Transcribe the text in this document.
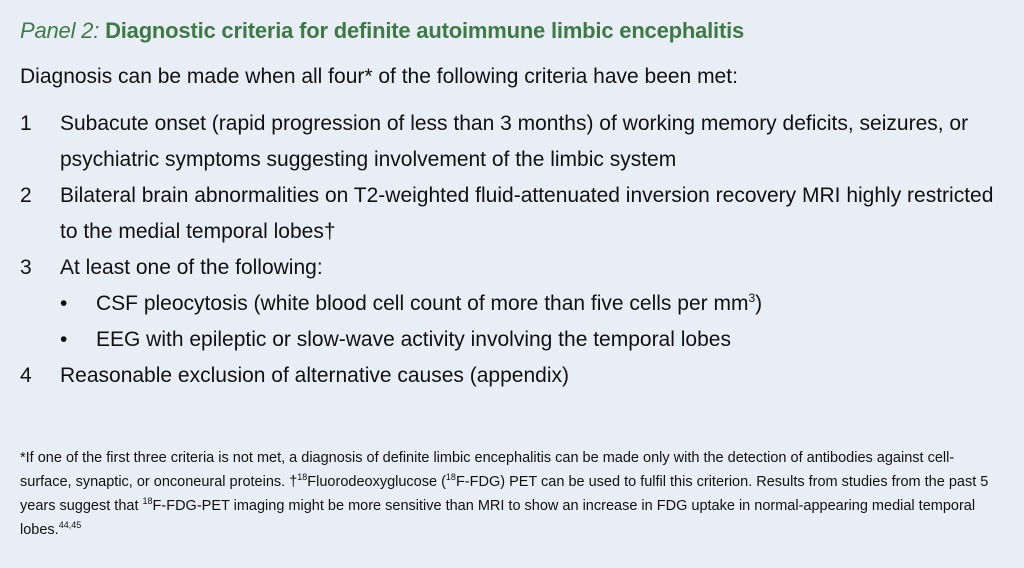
Panel 2: Diagnostic criteria for definite autoimmune limbic encephalitis
Diagnosis can be made when all four* of the following criteria have been met:
1	Subacute onset (rapid progression of less than 3 months) of working memory deficits, seizures, or psychiatric symptoms suggesting involvement of the limbic system
2	Bilateral brain abnormalities on T2-weighted fluid-attenuated inversion recovery MRI highly restricted to the medial temporal lobes†
3	At least one of the following:
•	CSF pleocytosis (white blood cell count of more than five cells per $mm^3$)
•	EEG with epileptic or slow-wave activity involving the temporal lobes
4	Reasonable exclusion of alternative causes (appendix)
*If one of the first three criteria is not met, a diagnosis of definite limbic encephalitis can be made only with the detection of antibodies against cell-surface, synaptic, or onconeural proteins. †$^{18}$Fluorodeoxyglucose ($^{18}$F-FDG) PET can be used to fulfil this criterion. Results from studies from the past 5 years suggest that $^{18}$F-FDG-PET imaging might be more sensitive than MRI to show an increase in FDG uptake in normal-appearing medial temporal lobes.$^{44,45}$
